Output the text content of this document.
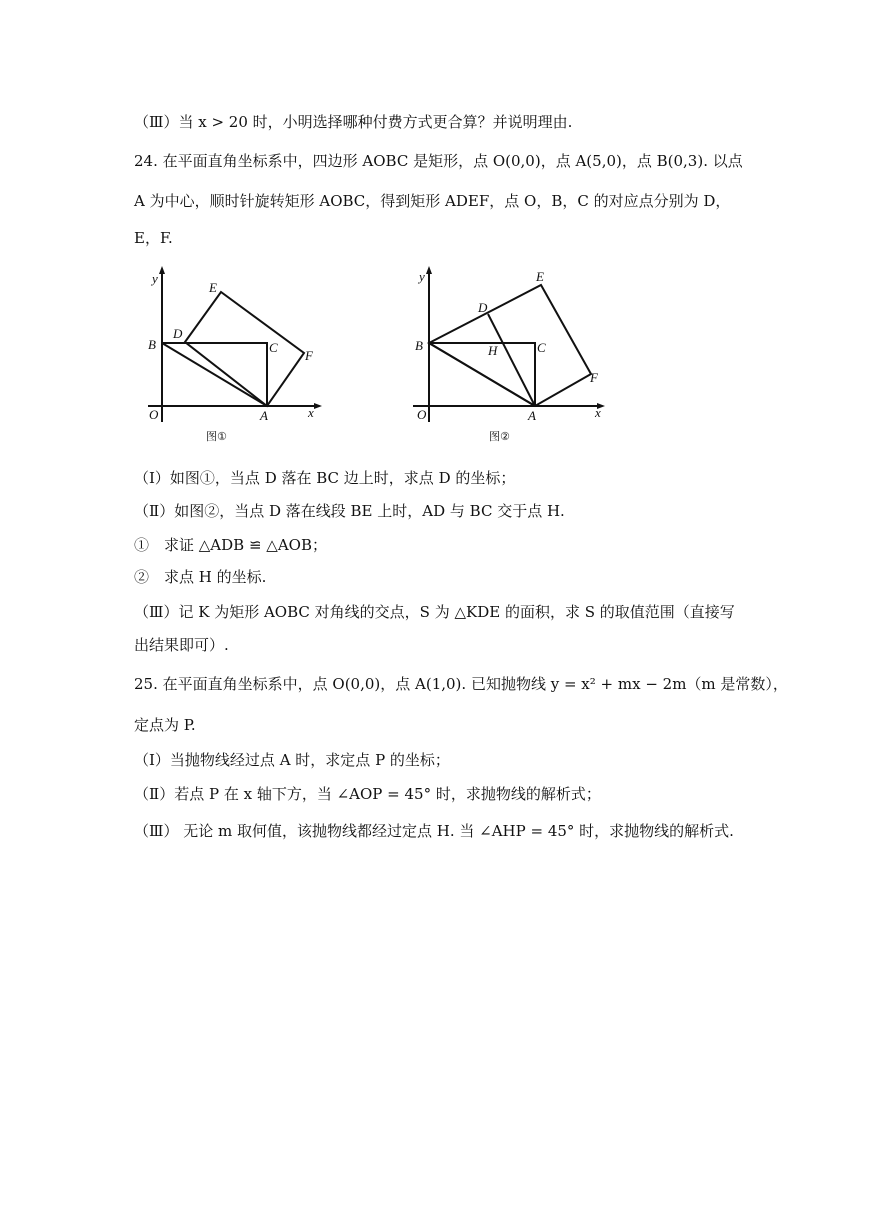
（Ⅲ）当 x > 20 时，小明选择哪种付费方式更合算？并说明理由.
24. 在平面直角坐标系中，四边形 AOBC 是矩形，点 O(0,0)，点 A(5,0)，点 B(0,3). 以点
A 为中心，顺时针旋转矩形 AOBC，得到矩形 ADEF，点 O，B，C 的对应点分别为 D，
E，F.
y
x
O	A
B	C
D
E
F
图①
y
x
O	A
B	C
D
E
F
H
图②
（Ⅰ）如图①，当点 D 落在 BC 边上时，求点 D 的坐标；
（Ⅱ）如图②，当点 D 落在线段 BE 上时，AD 与 BC 交于点 H.
①　求证 △ADB ≌ △AOB；
②　求点 H 的坐标.
（Ⅲ）记 K 为矩形 AOBC 对角线的交点，S 为 △KDE 的面积，求 S 的取值范围（直接写
出结果即可）.
25. 在平面直角坐标系中，点 O(0,0)，点 A(1,0). 已知抛物线 y = x² + mx − 2m（m 是常数），
定点为 P.
（Ⅰ）当抛物线经过点 A 时，求定点 P 的坐标；
（Ⅱ）若点 P 在 x 轴下方，当 ∠AOP = 45° 时，求抛物线的解析式；
（Ⅲ） 无论 m 取何值，该抛物线都经过定点 H. 当 ∠AHP = 45° 时，求抛物线的解析式.
